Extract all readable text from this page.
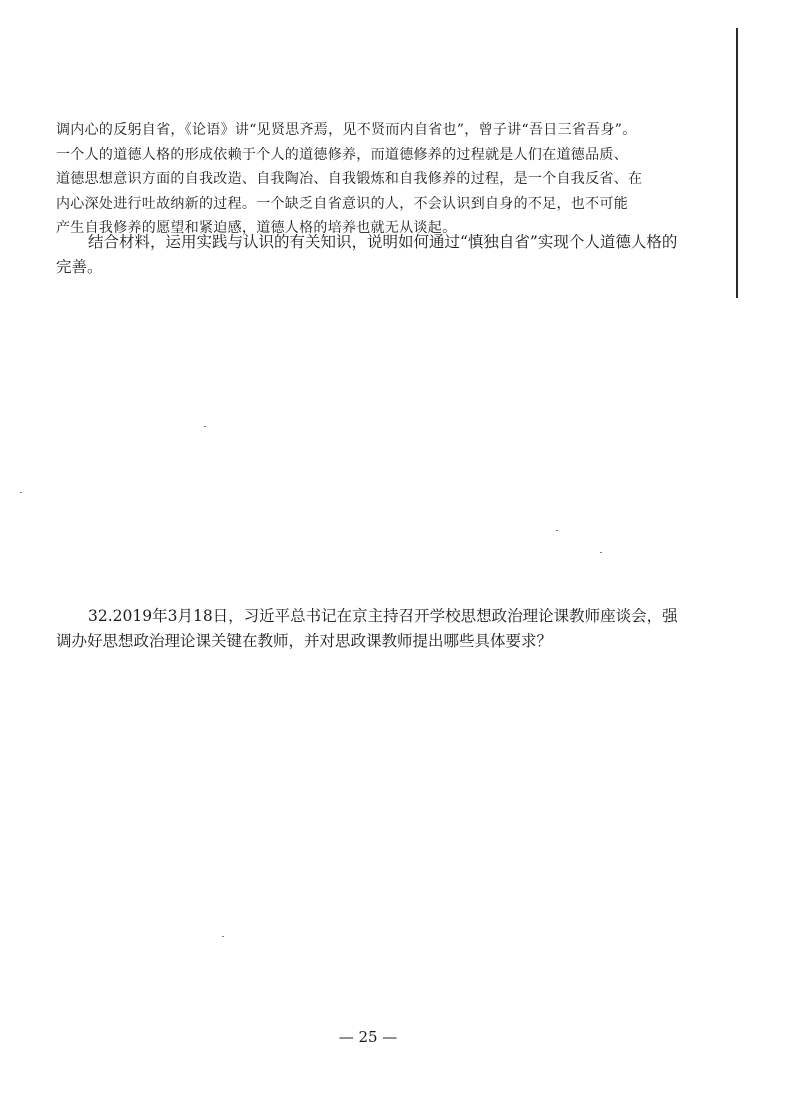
调内心的反躬自省，《论语》讲“见贤思齐焉，见不贤而内自省也”，曾子讲“吾日三省吾身”。

一个人的道德人格的形成依赖于个人的道德修养，而道德修养的过程就是人们在道德品质、

道德思想意识方面的自我改造、自我陶冶、自我锻炼和自我修养的过程，是一个自我反省、在

内心深处进行吐故纳新的过程。一个缺乏自省意识的人，不会认识到自身的不足，也不可能

产生自我修养的愿望和紧迫感，道德人格的培养也就无从谈起。

结合材料，运用实践与认识的有关知识，说明如何通过“慎独自省”实现个人道德人格的完善。

32.2019年3月18日，习近平总书记在京主持召开学校思想政治理论课教师座谈会，强调办好思想政治理论课关键在教师，并对思政课教师提出哪些具体要求？

— 25 —
